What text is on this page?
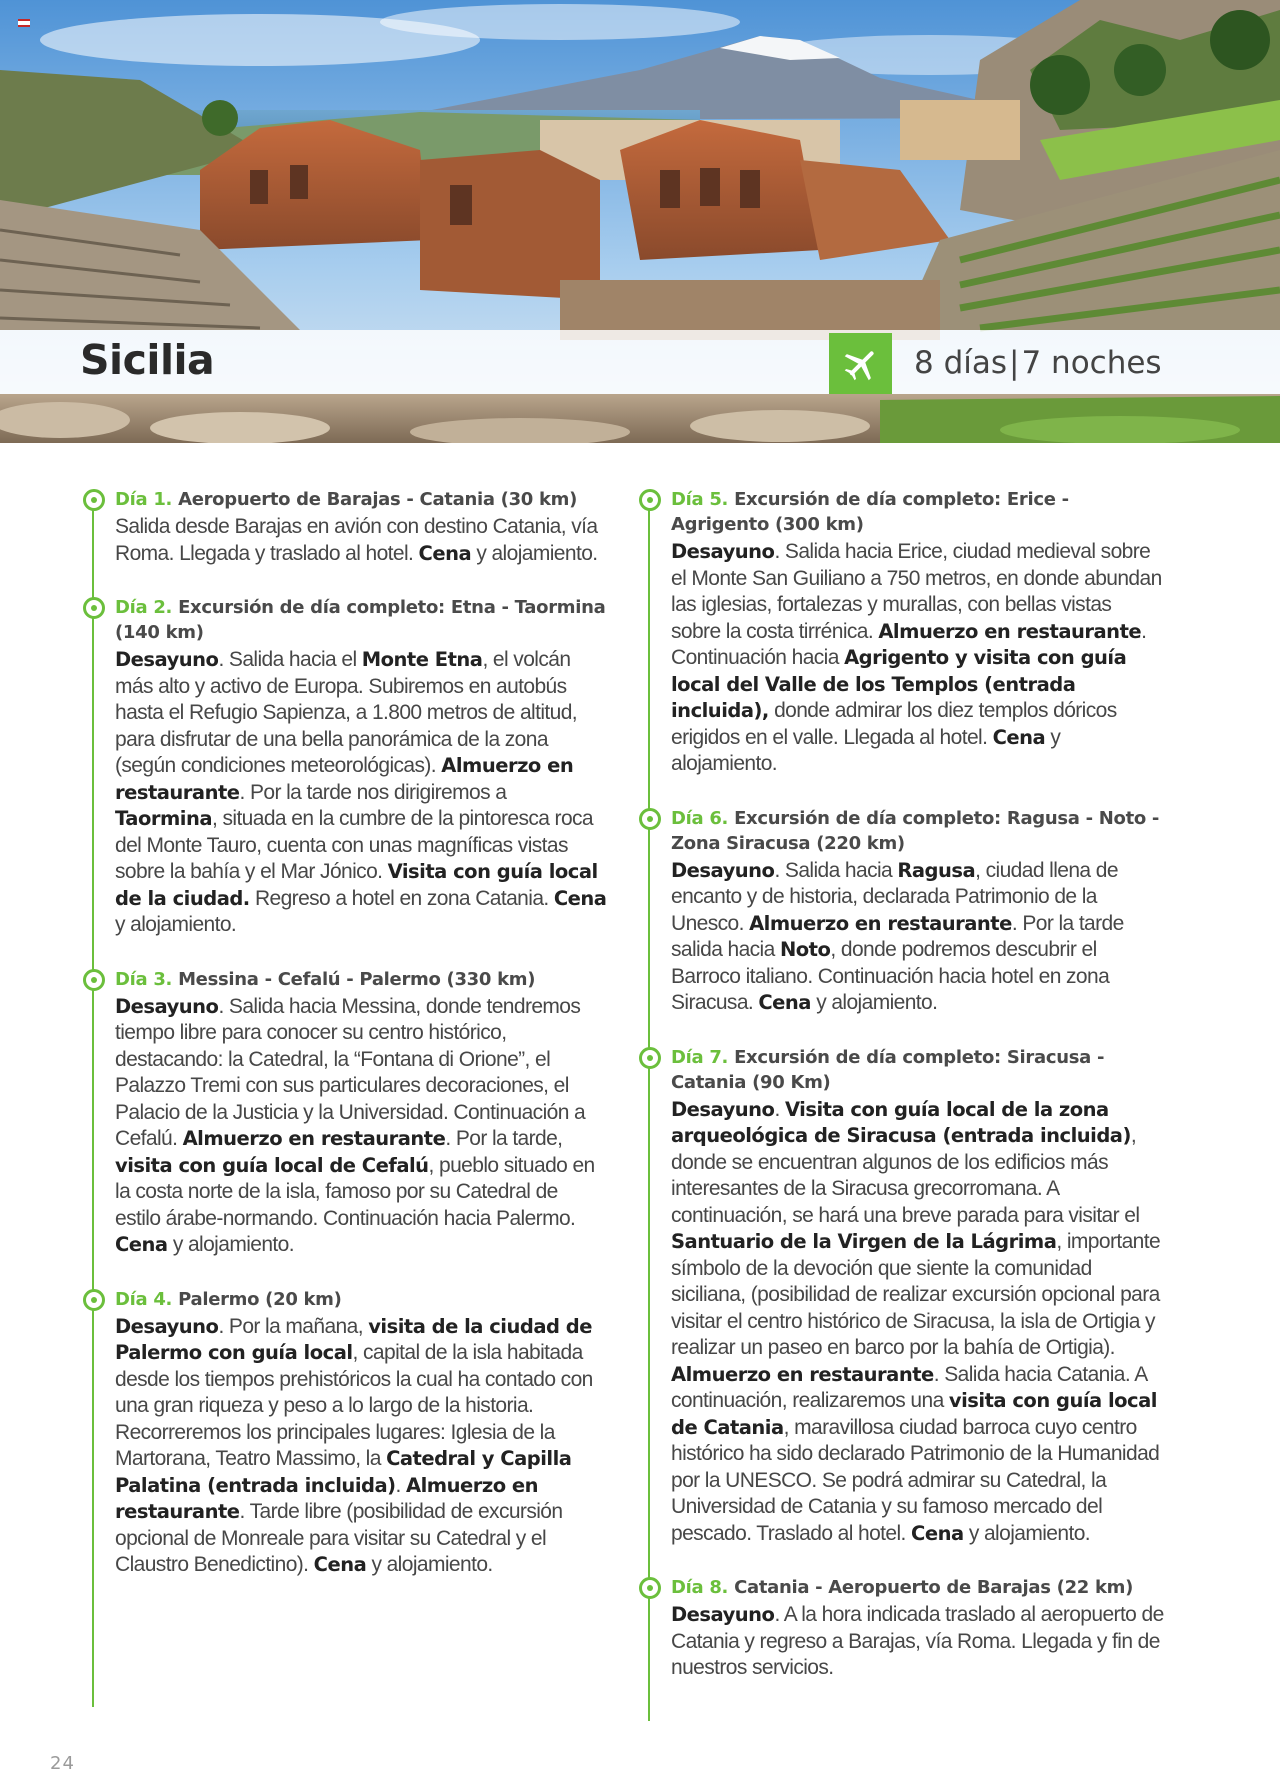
Sicilia	8 días|7 noches
Día 1. Aeropuerto de Barajas - Catania (30 km)
Salida desde Barajas en avión con destino Catania, vía Roma. Llegada y traslado al hotel. Cena y alojamiento.
Día 2. Excursión de día completo: Etna - Taormina (140 km)
Desayuno. Salida hacia el Monte Etna, el volcán más alto y activo de Europa. Subiremos en autobús hasta el Refugio Sapienza, a 1.800 metros de altitud, para disfrutar de una bella panorámica de la zona (según condiciones meteorológicas). Almuerzo en restaurante. Por la tarde nos dirigiremos a Taormina, situada en la cumbre de la pintoresca roca del Monte Tauro, cuenta con unas magníficas vistas sobre la bahía y el Mar Jónico. Visita con guía local de la ciudad. Regreso a hotel en zona Catania. Cena y alojamiento.
Día 3. Messina - Cefalú - Palermo (330 km)
Desayuno. Salida hacia Messina, donde tendremos tiempo libre para conocer su centro histórico, destacando: la Catedral, la “Fontana di Orione”, el Palazzo Tremi con sus particulares decoraciones, el Palacio de la Justicia y la Universidad. Continuación a Cefalú. Almuerzo en restaurante. Por la tarde, visita con guía local de Cefalú, pueblo situado en la costa norte de la isla, famoso por su Catedral de estilo árabe-normando. Continuación hacia Palermo. Cena y alojamiento.
Día 4. Palermo (20 km)
Desayuno. Por la mañana, visita de la ciudad de Palermo con guía local, capital de la isla habitada desde los tiempos prehistóricos la cual ha contado con una gran riqueza y peso a lo largo de la historia. Recorreremos los principales lugares: Iglesia de la Martorana, Teatro Massimo, la Catedral y Capilla Palatina (entrada incluida). Almuerzo en restaurante. Tarde libre (posibilidad de excursión opcional de Monreale para visitar su Catedral y el Claustro Benedictino). Cena y alojamiento.
Día 5. Excursión de día completo: Erice - Agrigento (300 km)
Desayuno. Salida hacia Erice, ciudad medieval sobre el Monte San Guiliano a 750 metros, en donde abundan las iglesias, fortalezas y murallas, con bellas vistas sobre la costa tirrénica. Almuerzo en restaurante. Continuación hacia Agrigento y visita con guía local del Valle de los Templos (entrada incluida), donde admirar los diez templos dóricos erigidos en el valle. Llegada al hotel. Cena y alojamiento.
Día 6. Excursión de día completo: Ragusa - Noto - Zona Siracusa (220 km)
Desayuno. Salida hacia Ragusa, ciudad llena de encanto y de historia, declarada Patrimonio de la Unesco. Almuerzo en restaurante. Por la tarde salida hacia Noto, donde podremos descubrir el Barroco italiano. Continuación hacia hotel en zona Siracusa. Cena y alojamiento.
Día 7. Excursión de día completo: Siracusa - Catania (90 Km)
Desayuno. Visita con guía local de la zona arqueológica de Siracusa (entrada incluida), donde se encuentran algunos de los edificios más interesantes de la Siracusa grecorromana. A continuación, se hará una breve parada para visitar el Santuario de la Virgen de la Lágrima, importante símbolo de la devoción que siente la comunidad siciliana, (posibilidad de realizar excursión opcional para visitar el centro histórico de Siracusa, la isla de Ortigia y realizar un paseo en barco por la bahía de Ortigia). Almuerzo en restaurante. Salida hacia Catania. A continuación, realizaremos una visita con guía local de Catania, maravillosa ciudad barroca cuyo centro histórico ha sido declarado Patrimonio de la Humanidad por la UNESCO. Se podrá admirar su Catedral, la Universidad de Catania y su famoso mercado del pescado. Traslado al hotel. Cena y alojamiento.
Día 8. Catania - Aeropuerto de Barajas (22 km)
Desayuno. A la hora indicada traslado al aeropuerto de Catania y regreso a Barajas, vía Roma. Llegada y fin de nuestros servicios.
24
